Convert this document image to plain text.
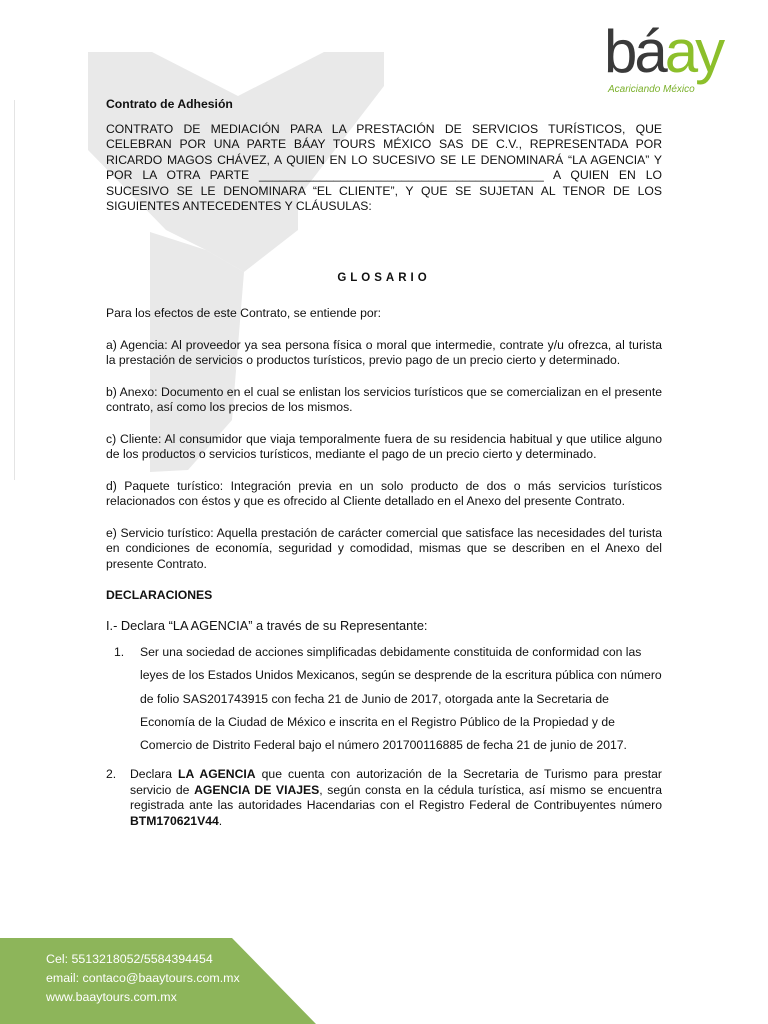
báay
Acariciando México

Contrato de Adhesión

CONTRATO DE MEDIACIÓN PARA LA PRESTACIÓN DE SERVICIOS TURÍSTICOS, QUE CELEBRAN POR UNA PARTE BÁAY TOURS MÉXICO SAS DE C.V., REPRESENTADA POR RICARDO MAGOS CHÁVEZ, A QUIEN EN LO SUCESIVO SE LE DENOMINARÁ “LA AGENCIA” Y POR LA OTRA PARTE __________________________________________ A QUIEN EN LO SUCESIVO SE LE DENOMINARA “EL CLIENTE”, Y QUE SE SUJETAN AL TENOR DE LOS SIGUIENTES ANTECEDENTES Y CLÁUSULAS:

GLOSARIO

Para los efectos de este Contrato, se entiende por:

a) Agencia: Al proveedor ya sea persona física o moral que intermedie, contrate y/u ofrezca, al turista la prestación de servicios o productos turísticos, previo pago de un precio cierto y determinado.

b) Anexo: Documento en el cual se enlistan los servicios turísticos que se comercializan en el presente contrato, así como los precios de los mismos.

c) Cliente: Al consumidor que viaja temporalmente fuera de su residencia habitual y que utilice alguno de los productos o servicios turísticos, mediante el pago de un precio cierto y determinado.

d) Paquete turístico: Integración previa en un solo producto de dos o más servicios turísticos relacionados con éstos y que es ofrecido al Cliente detallado en el Anexo del presente Contrato.

e) Servicio turístico: Aquella prestación de carácter comercial que satisface las necesidades del turista en condiciones de economía, seguridad y comodidad, mismas que se describen en el Anexo del presente Contrato.

DECLARACIONES
I.- Declara “LA AGENCIA” a través de su Representante:
1.	Ser una sociedad de acciones simplificadas debidamente constituida de conformidad con las leyes de los Estados Unidos Mexicanos, según se desprende de la escritura pública con número de folio SAS201743915 con fecha 21 de Junio de 2017, otorgada ante la Secretaria de Economía de la Ciudad de México e inscrita en el Registro Público de la Propiedad y de Comercio de Distrito Federal bajo el número 201700116885 de fecha 21 de junio de 2017.
2.	Declara LA AGENCIA que cuenta con autorización de la Secretaria de Turismo para prestar servicio de AGENCIA DE VIAJES, según consta en la cédula turística, así mismo se encuentra registrada ante las autoridades Hacendarias con el Registro Federal de Contribuyentes número BTM170621V44.
Cel: 5513218052/5584394454
email: contaco@baaytours.com.mx
www.baaytours.com.mx
